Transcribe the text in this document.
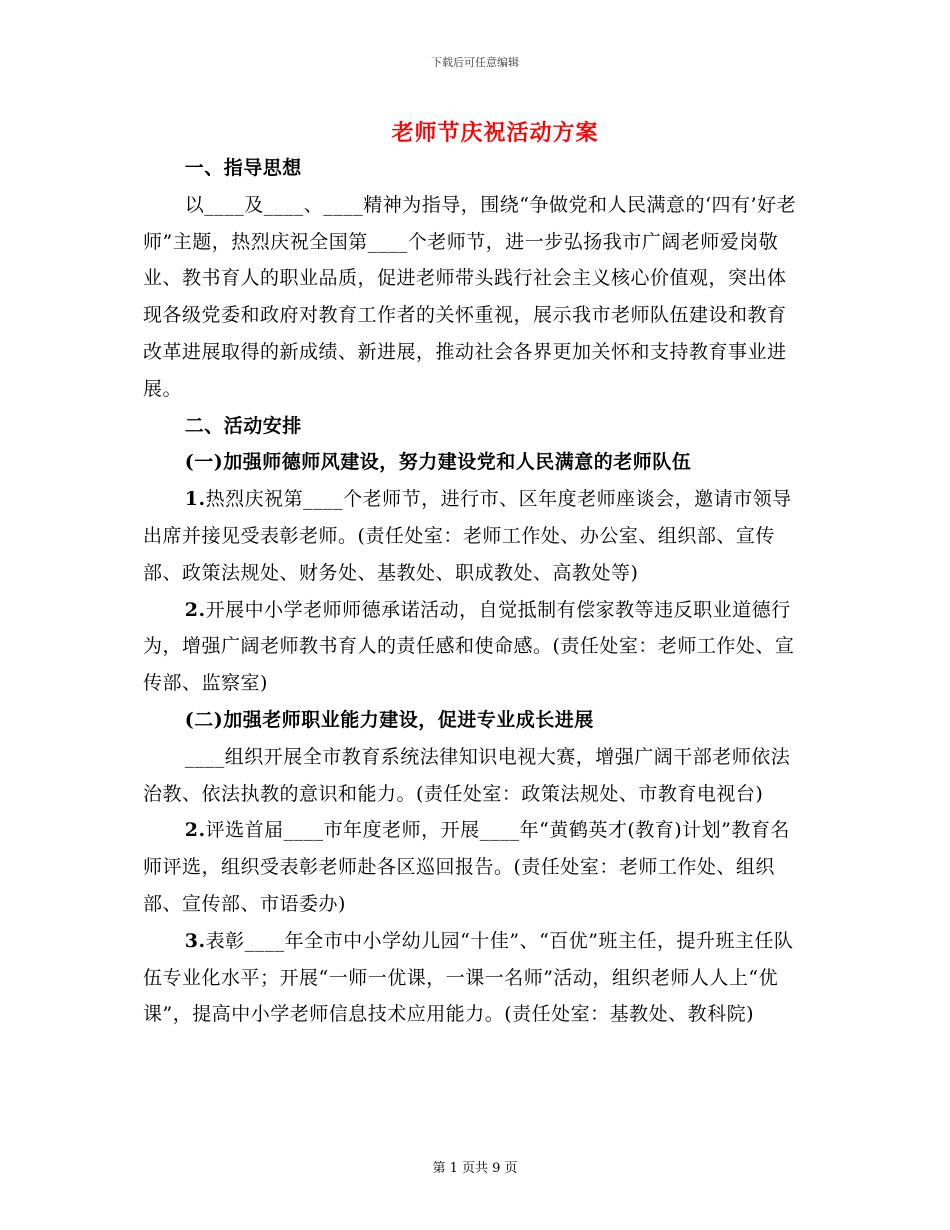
下载后可任意编辑
老师节庆祝活动方案

一、指导思想

以____及____、____精神为指导，围绕“争做党和人民满意的‘四有’好老师”主题，热烈庆祝全国第____个老师节，进一步弘扬我市广阔老师爱岗敬业、教书育人的职业品质，促进老师带头践行社会主义核心价值观，突出体现各级党委和政府对教育工作者的关怀重视，展示我市老师队伍建设和教育改革进展取得的新成绩、新进展，推动社会各界更加关怀和支持教育事业进展。

二、活动安排

(一)加强师德师风建设，努力建设党和人民满意的老师队伍

1.热烈庆祝第____个老师节，进行市、区年度老师座谈会，邀请市领导出席并接见受表彰老师。(责任处室：老师工作处、办公室、组织部、宣传部、政策法规处、财务处、基教处、职成教处、高教处等)

2.开展中小学老师师德承诺活动，自觉抵制有偿家教等违反职业道德行为，增强广阔老师教书育人的责任感和使命感。(责任处室：老师工作处、宣传部、监察室)

(二)加强老师职业能力建设，促进专业成长进展

____组织开展全市教育系统法律知识电视大赛，增强广阔干部老师依法治教、依法执教的意识和能力。(责任处室：政策法规处、市教育电视台)

2.评选首届____市年度老师，开展____年“黄鹤英才(教育)计划”教育名师评选，组织受表彰老师赴各区巡回报告。(责任处室：老师工作处、组织部、宣传部、市语委办)

3.表彰____年全市中小学幼儿园“十佳”、“百优”班主任，提升班主任队伍专业化水平；开展“一师一优课，一课一名师”活动，组织老师人人上“优课”，提高中小学老师信息技术应用能力。(责任处室：基教处、教科院)

第 1 页共 9 页
